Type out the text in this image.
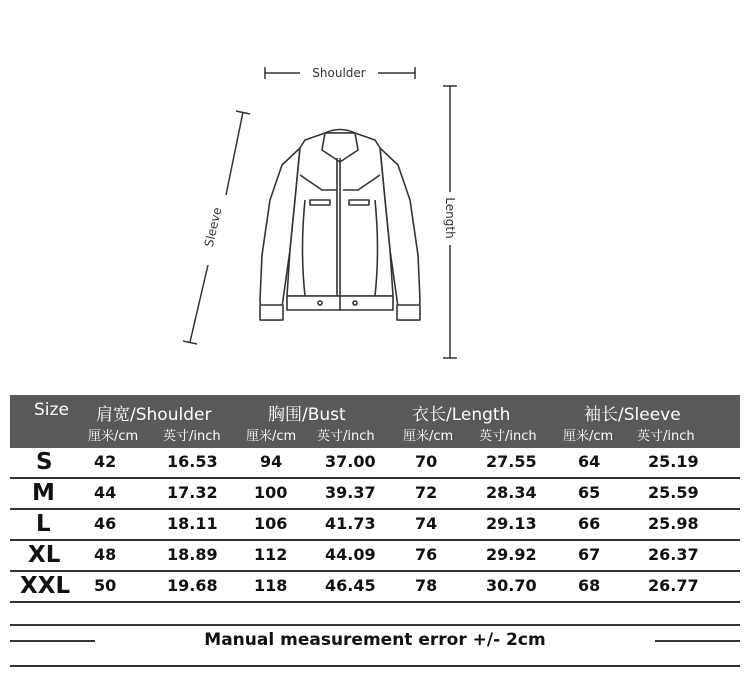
Shoulder
Sleeve	Length
Size 肩宽/Shoulder	胸围/Bust	衣长/Length	袖长/Sleeve
厘米/cm 英寸/inch 厘米/cm 英寸/inch 厘米/cm 英寸/inch 厘米/cm 英寸/inch
S	42	16.53	94	37.00 70	27.55	64	25.19
M 44	17.32 100 39.37 72	28.34	65	25.59
L	46	18.11 106 41.73 74	29.13	66	25.98
XL 48	18.89 112 44.09 76	29.92	67	26.37
XXL 50	19.68 118 46.45 78	30.70	68	26.77
Manual measurement error +/- 2cm
